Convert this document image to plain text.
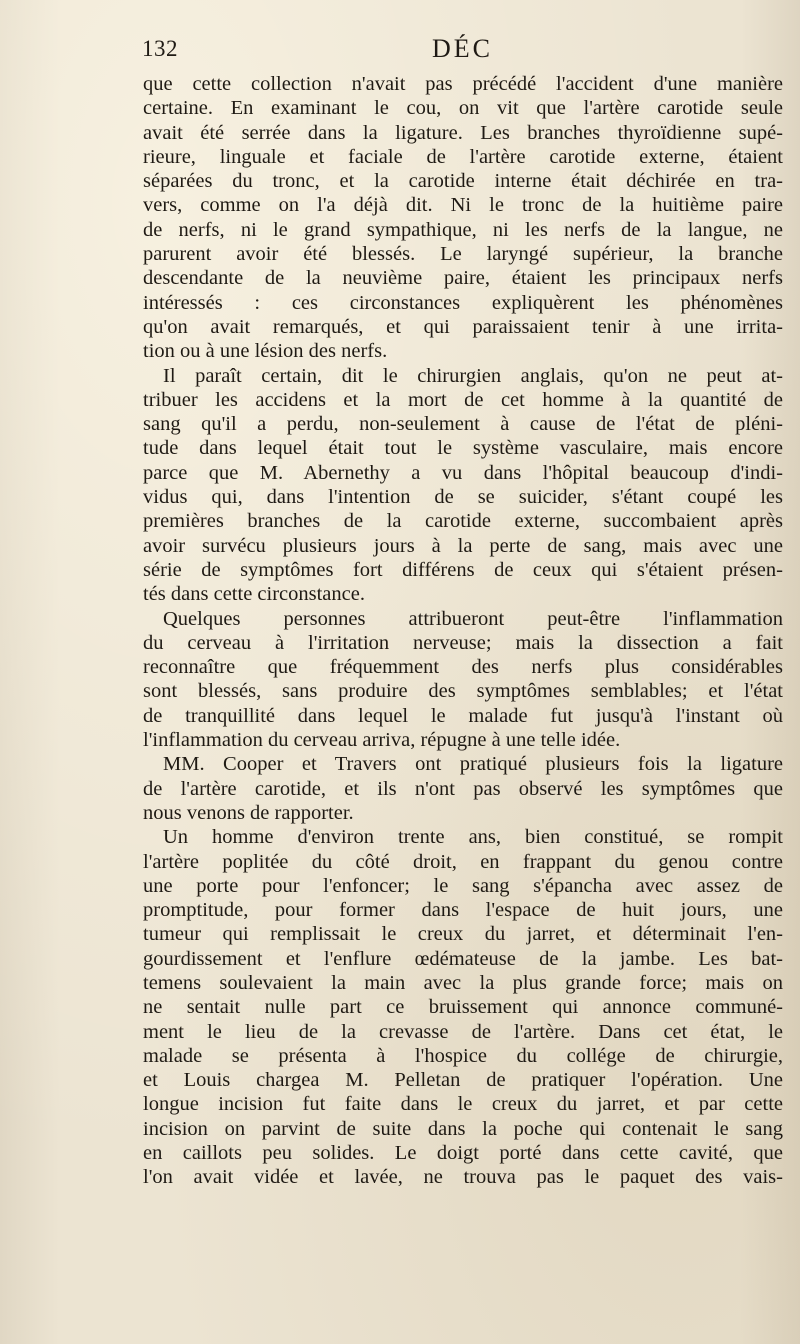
132	DÉC
que cette collection n'avait pas précédé l'accident d'une manière
certaine. En examinant le cou, on vit que l'artère carotide seule
avait été serrée dans la ligature. Les branches thyroïdienne supé-
rieure, linguale et faciale de l'artère carotide externe, étaient
séparées du tronc, et la carotide interne était déchirée en tra-
vers, comme on l'a déjà dit. Ni le tronc de la huitième paire
de nerfs, ni le grand sympathique, ni les nerfs de la langue, ne
parurent avoir été blessés. Le laryngé supérieur, la branche
descendante de la neuvième paire, étaient les principaux nerfs
intéressés : ces circonstances expliquèrent les phénomènes
qu'on avait remarqués, et qui paraissaient tenir à une irrita-
tion ou à une lésion des nerfs.
Il paraît certain, dit le chirurgien anglais, qu'on ne peut at-
tribuer les accidens et la mort de cet homme à la quantité de
sang qu'il a perdu, non-seulement à cause de l'état de pléni-
tude dans lequel était tout le système vasculaire, mais encore
parce que M. Abernethy a vu dans l'hôpital beaucoup d'indi-
vidus qui, dans l'intention de se suicider, s'étant coupé les
premières branches de la carotide externe, succombaient après
avoir survécu plusieurs jours à la perte de sang, mais avec une
série de symptômes fort différens de ceux qui s'étaient présen-
tés dans cette circonstance.
Quelques personnes attribueront peut-être l'inflammation
du cerveau à l'irritation nerveuse; mais la dissection a fait
reconnaître que fréquemment des nerfs plus considérables
sont blessés, sans produire des symptômes semblables; et l'état
de tranquillité dans lequel le malade fut jusqu'à l'instant où
l'inflammation du cerveau arriva, répugne à une telle idée.
MM. Cooper et Travers ont pratiqué plusieurs fois la ligature
de l'artère carotide, et ils n'ont pas observé les symptômes que
nous venons de rapporter.
Un homme d'environ trente ans, bien constitué, se rompit
l'artère poplitée du côté droit, en frappant du genou contre
une porte pour l'enfoncer; le sang s'épancha avec assez de
promptitude, pour former dans l'espace de huit jours, une
tumeur qui remplissait le creux du jarret, et déterminait l'en-
gourdissement et l'enflure œdémateuse de la jambe. Les bat-
temens soulevaient la main avec la plus grande force; mais on
ne sentait nulle part ce bruissement qui annonce communé-
ment le lieu de la crevasse de l'artère. Dans cet état, le
malade se présenta à l'hospice du collége de chirurgie,
et Louis chargea M. Pelletan de pratiquer l'opération. Une
longue incision fut faite dans le creux du jarret, et par cette
incision on parvint de suite dans la poche qui contenait le sang
en caillots peu solides. Le doigt porté dans cette cavité, que
l'on avait vidée et lavée, ne trouva pas le paquet des vais-
